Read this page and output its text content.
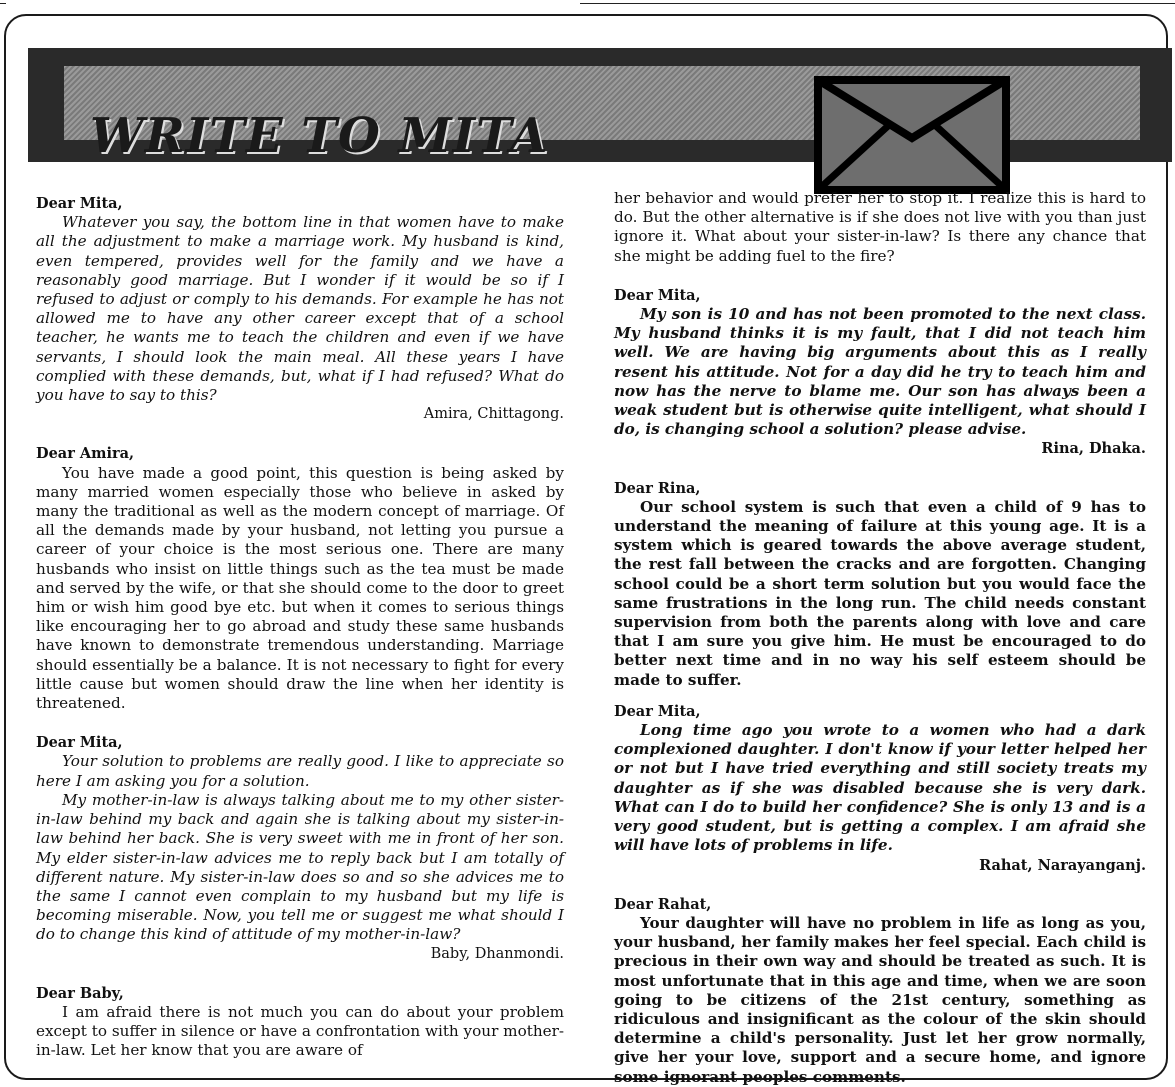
WRITE TO MITA

Dear Mita,

Whatever you say, the bottom line in that women have to make all the adjustment to make a marriage work. My husband is kind, even tempered, provides well for the family and we have a reasonably good marriage. But I wonder if it would be so if I refused to adjust or comply to his demands. For example he has not allowed me to have any other career except that of a school teacher, he wants me to teach the children and even if we have servants, I should look the main meal. All these years I have complied with these demands, but, what if I had refused? What do you have to say to this?

Amira, Chittagong.

Dear Amira,

You have made a good point, this question is being asked by many married women especially those who believe in asked by many the traditional as well as the modern concept of marriage. Of all the demands made by your husband, not letting you pursue a career of your choice is the most serious one. There are many husbands who insist on little things such as the tea must be made and served by the wife, or that she should come to the door to greet him or wish him good bye etc. but when it comes to serious things like encouraging her to go abroad and study these same husbands have known to demonstrate tremendous understanding. Marriage should essentially be a balance. It is not necessary to fight for every little cause but women should draw the line when her identity is threatened.

Dear Mita,

Your solution to problems are really good. I like to appreciate so here I am asking you for a solution.

My mother-in-law is always talking about me to my other sister-in-law behind my back and again she is talking about my sister-in-law behind her back. She is very sweet with me in front of her son. My elder sister-in-law advices me to reply back but I am totally of different nature. My sister-in-law does so and so she advices me to the same I cannot even complain to my husband but my life is becoming miserable. Now, you tell me or suggest me what should I do to change this kind of attitude of my mother-in-law?

Baby, Dhanmondi.

Dear Baby,

I am afraid there is not much you can do about your problem except to suffer in silence or have a confrontation with your mother-in-law. Let her know that you are aware of

her behavior and would prefer her to stop it. I realize this is hard to do. But the other alternative is if she does not live with you than just ignore it. What about your sister-in-law? Is there any chance that she might be adding fuel to the fire?

Dear Mita,

My son is 10 and has not been promoted to the next class. My husband thinks it is my fault, that I did not teach him well. We are having big arguments about this as I really resent his attitude. Not for a day did he try to teach him and now has the nerve to blame me. Our son has always been a weak student but is otherwise quite intelligent, what should I do, is changing school a solution? please advise.

Rina, Dhaka.

Dear Rina,

Our school system is such that even a child of 9 has to understand the meaning of failure at this young age. It is a system which is geared towards the above average student, the rest fall between the cracks and are forgotten. Changing school could be a short term solution but you would face the same frustrations in the long run. The child needs constant supervision from both the parents along with love and care that I am sure you give him. He must be encouraged to do better next time and in no way his self esteem should be made to suffer.

Dear Mita,

Long time ago you wrote to a women who had a dark complexioned daughter. I don't know if your letter helped her or not but I have tried everything and still society treats my daughter as if she was disabled because she is very dark. What can I do to build her confidence? She is only 13 and is a very good student, but is getting a complex. I am afraid she will have lots of problems in life.

Rahat, Narayanganj.

Dear Rahat,

Your daughter will have no problem in life as long as you, your husband, her family makes her feel special. Each child is precious in their own way and should be treated as such. It is most unfortunate that in this age and time, when we are soon going to be citizens of the 21st century, something as ridiculous and insignificant as the colour of the skin should determine a child's personality. Just let her grow normally, give her your love, support and a secure home, and ignore some ignorant peoples comments.
